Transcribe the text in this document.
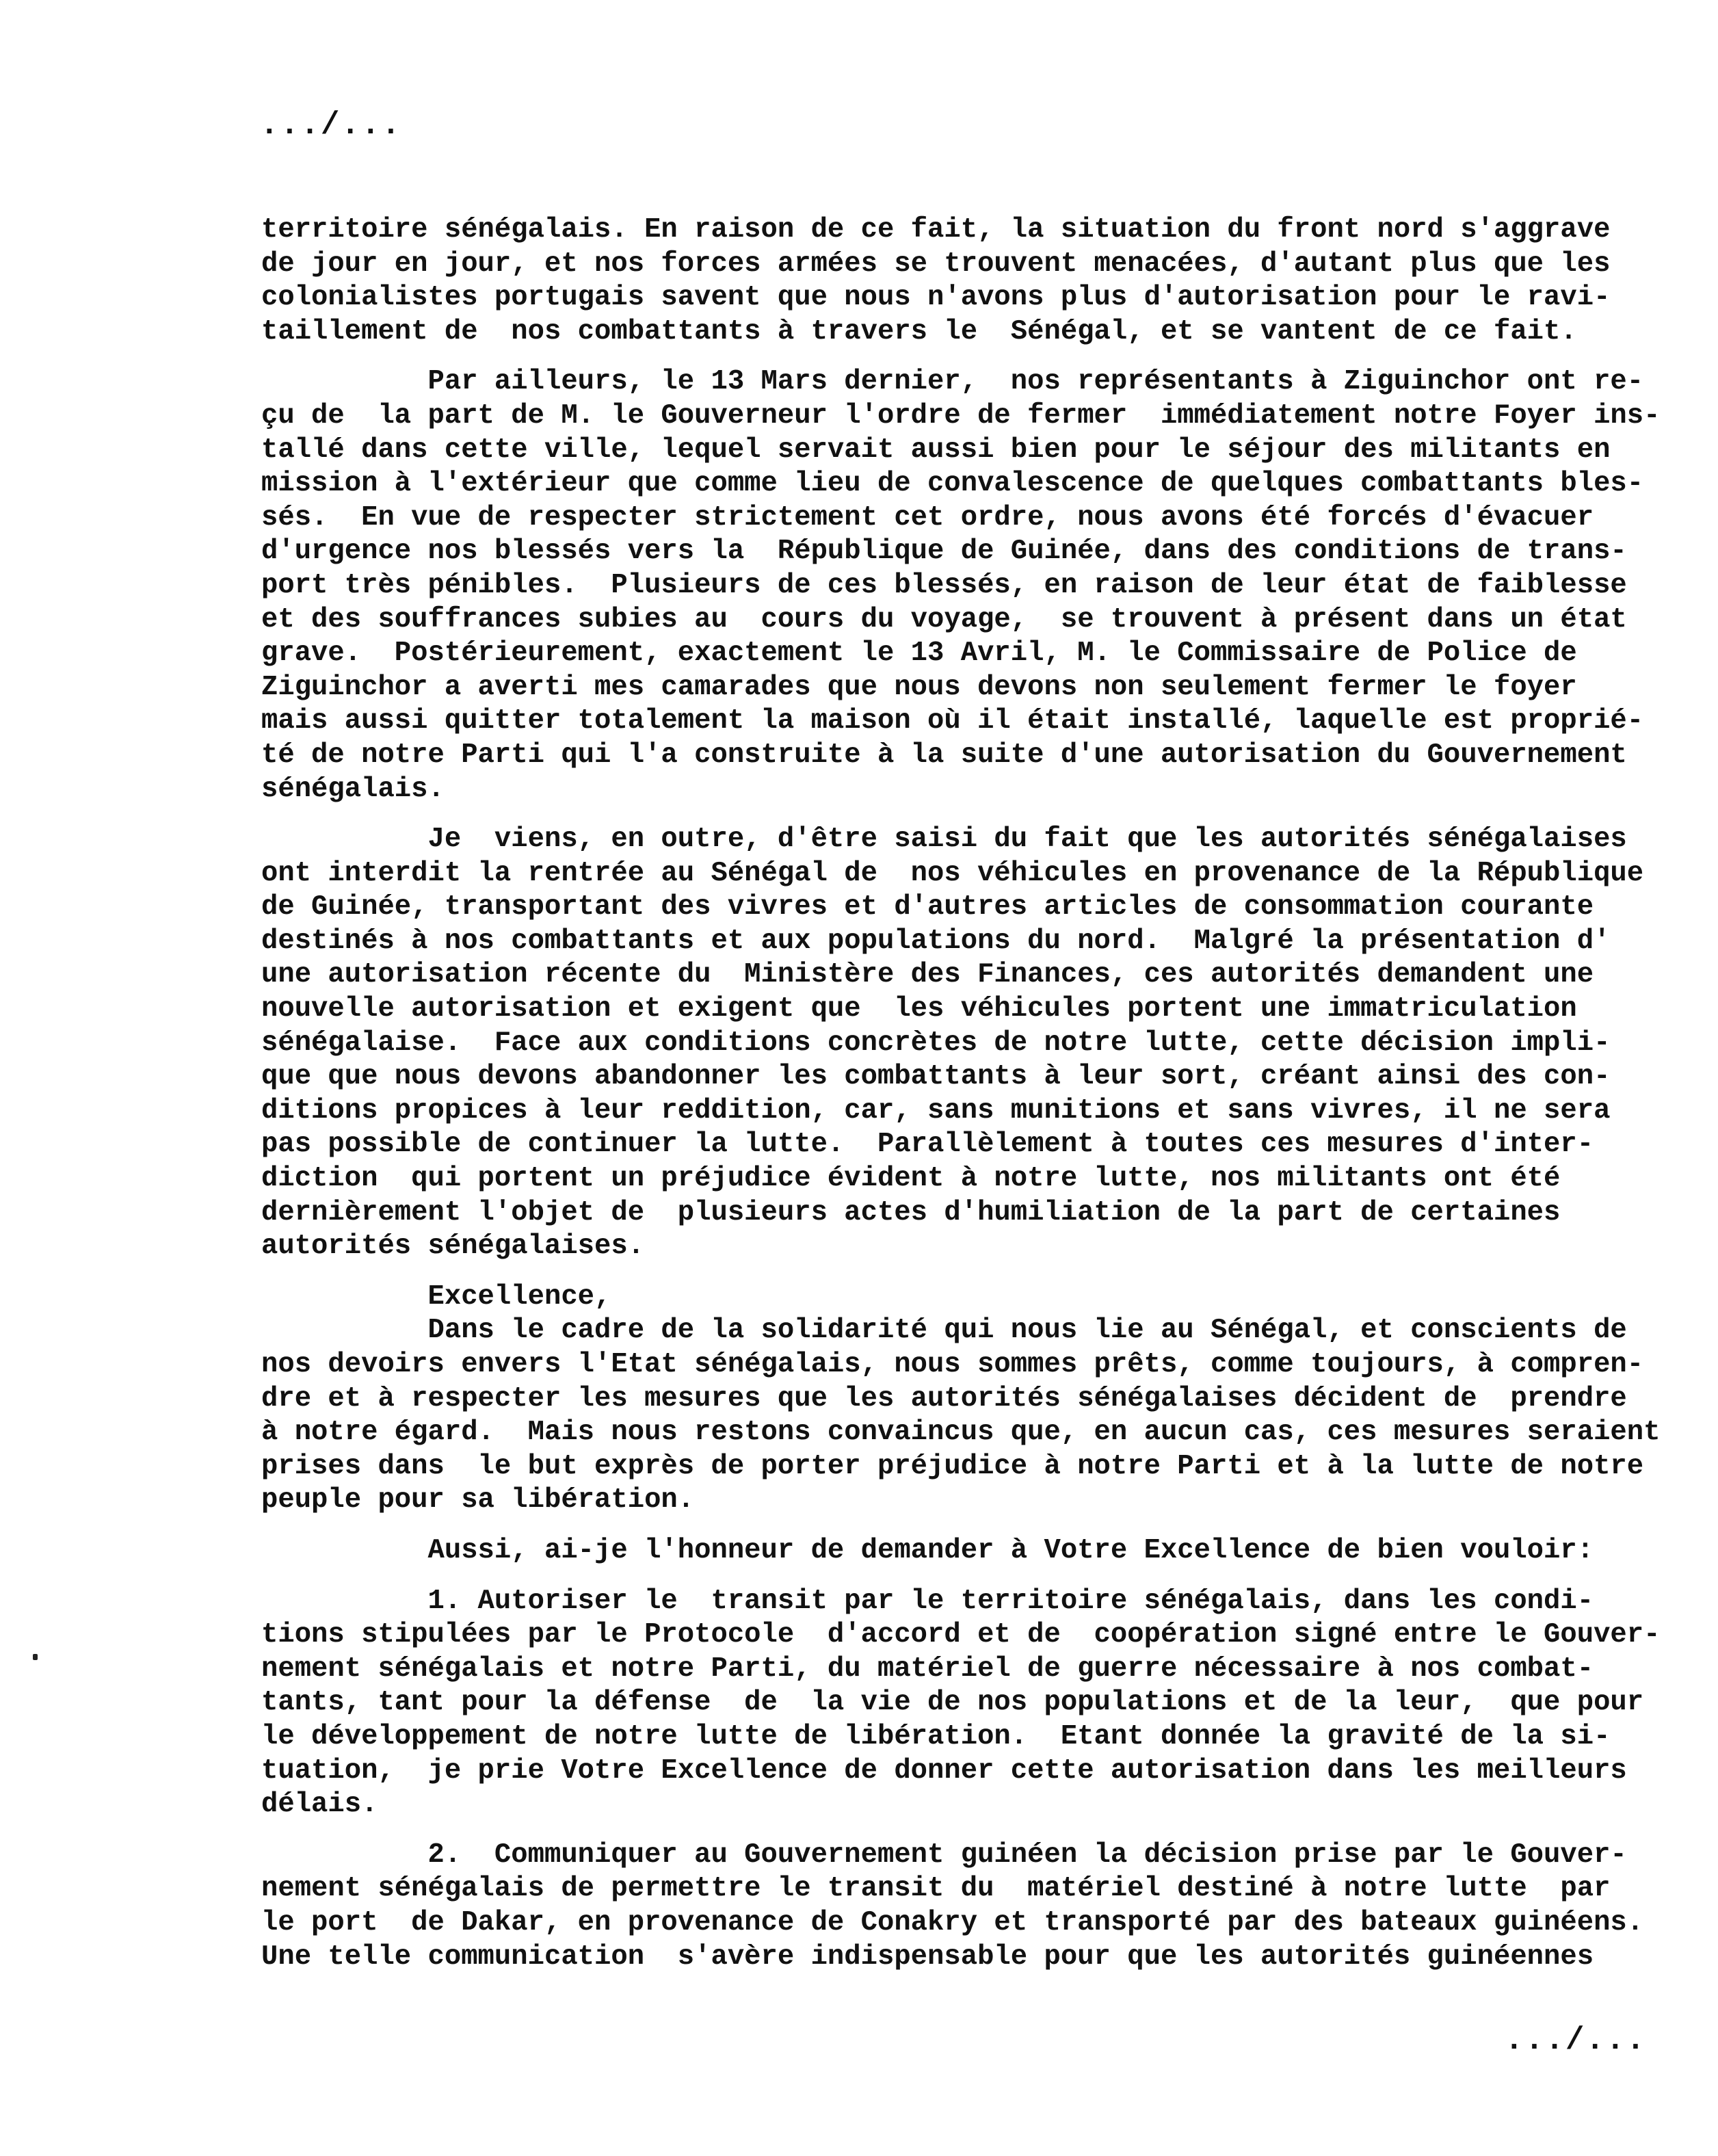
.../...
territoire sénégalais. En raison de ce fait, la situation du front nord s'aggrave
de jour en jour, et nos forces armées se trouvent menacées, d'autant plus que les
colonialistes portugais savent que nous n'avons plus d'autorisation pour le ravi-
taillement de  nos combattants à travers le  Sénégal, et se vantent de ce fait.
Par ailleurs, le 13 Mars dernier,  nos représentants à Ziguinchor ont re-
çu de  la part de M. le Gouverneur l'ordre de fermer  immédiatement notre Foyer ins-
tallé dans cette ville, lequel servait aussi bien pour le séjour des militants en
mission à l'extérieur que comme lieu de convalescence de quelques combattants bles-
sés.  En vue de respecter strictement cet ordre, nous avons été forcés d'évacuer
d'urgence nos blessés vers la  République de Guinée, dans des conditions de trans-
port très pénibles.  Plusieurs de ces blessés, en raison de leur état de faiblesse
et des souffrances subies au  cours du voyage,  se trouvent à présent dans un état
grave.  Postérieurement, exactement le 13 Avril, M. le Commissaire de Police de
Ziguinchor a averti mes camarades que nous devons non seulement fermer le foyer
mais aussi quitter totalement la maison où il était installé, laquelle est proprié-
té de notre Parti qui l'a construite à la suite d'une autorisation du Gouvernement
sénégalais.
Je  viens, en outre, d'être saisi du fait que les autorités sénégalaises
ont interdit la rentrée au Sénégal de  nos véhicules en provenance de la République
de Guinée, transportant des vivres et d'autres articles de consommation courante
destinés à nos combattants et aux populations du nord.  Malgré la présentation d'
une autorisation récente du  Ministère des Finances, ces autorités demandent une
nouvelle autorisation et exigent que  les véhicules portent une immatriculation
sénégalaise.  Face aux conditions concrètes de notre lutte, cette décision impli-
que que nous devons abandonner les combattants à leur sort, créant ainsi des con-
ditions propices à leur reddition, car, sans munitions et sans vivres, il ne sera
pas possible de continuer la lutte.  Parallèlement à toutes ces mesures d'inter-
diction  qui portent un préjudice évident à notre lutte, nos militants ont été
dernièrement l'objet de  plusieurs actes d'humiliation de la part de certaines
autorités sénégalaises.
Excellence,
Dans le cadre de la solidarité qui nous lie au Sénégal, et conscients de
nos devoirs envers l'Etat sénégalais, nous sommes prêts, comme toujours, à compren-
dre et à respecter les mesures que les autorités sénégalaises décident de  prendre
à notre égard.  Mais nous restons convaincus que, en aucun cas, ces mesures seraient
prises dans  le but exprès de porter préjudice à notre Parti et à la lutte de notre
peuple pour sa libération.
Aussi, ai-je l'honneur de demander à Votre Excellence de bien vouloir:
1. Autoriser le  transit par le territoire sénégalais, dans les condi-
tions stipulées par le Protocole  d'accord et de  coopération signé entre le Gouver-
nement sénégalais et notre Parti, du matériel de guerre nécessaire à nos combat-
tants, tant pour la défense  de  la vie de nos populations et de la leur,  que pour
le développement de notre lutte de libération.  Etant donnée la gravité de la si-
tuation,  je prie Votre Excellence de donner cette autorisation dans les meilleurs
délais.
2.  Communiquer au Gouvernement guinéen la décision prise par le Gouver-
nement sénégalais de permettre le transit du  matériel destiné à notre lutte  par
le port  de Dakar, en provenance de Conakry et transporté par des bateaux guinéens.
Une telle communication  s'avère indispensable pour que les autorités guinéennes
.../...
